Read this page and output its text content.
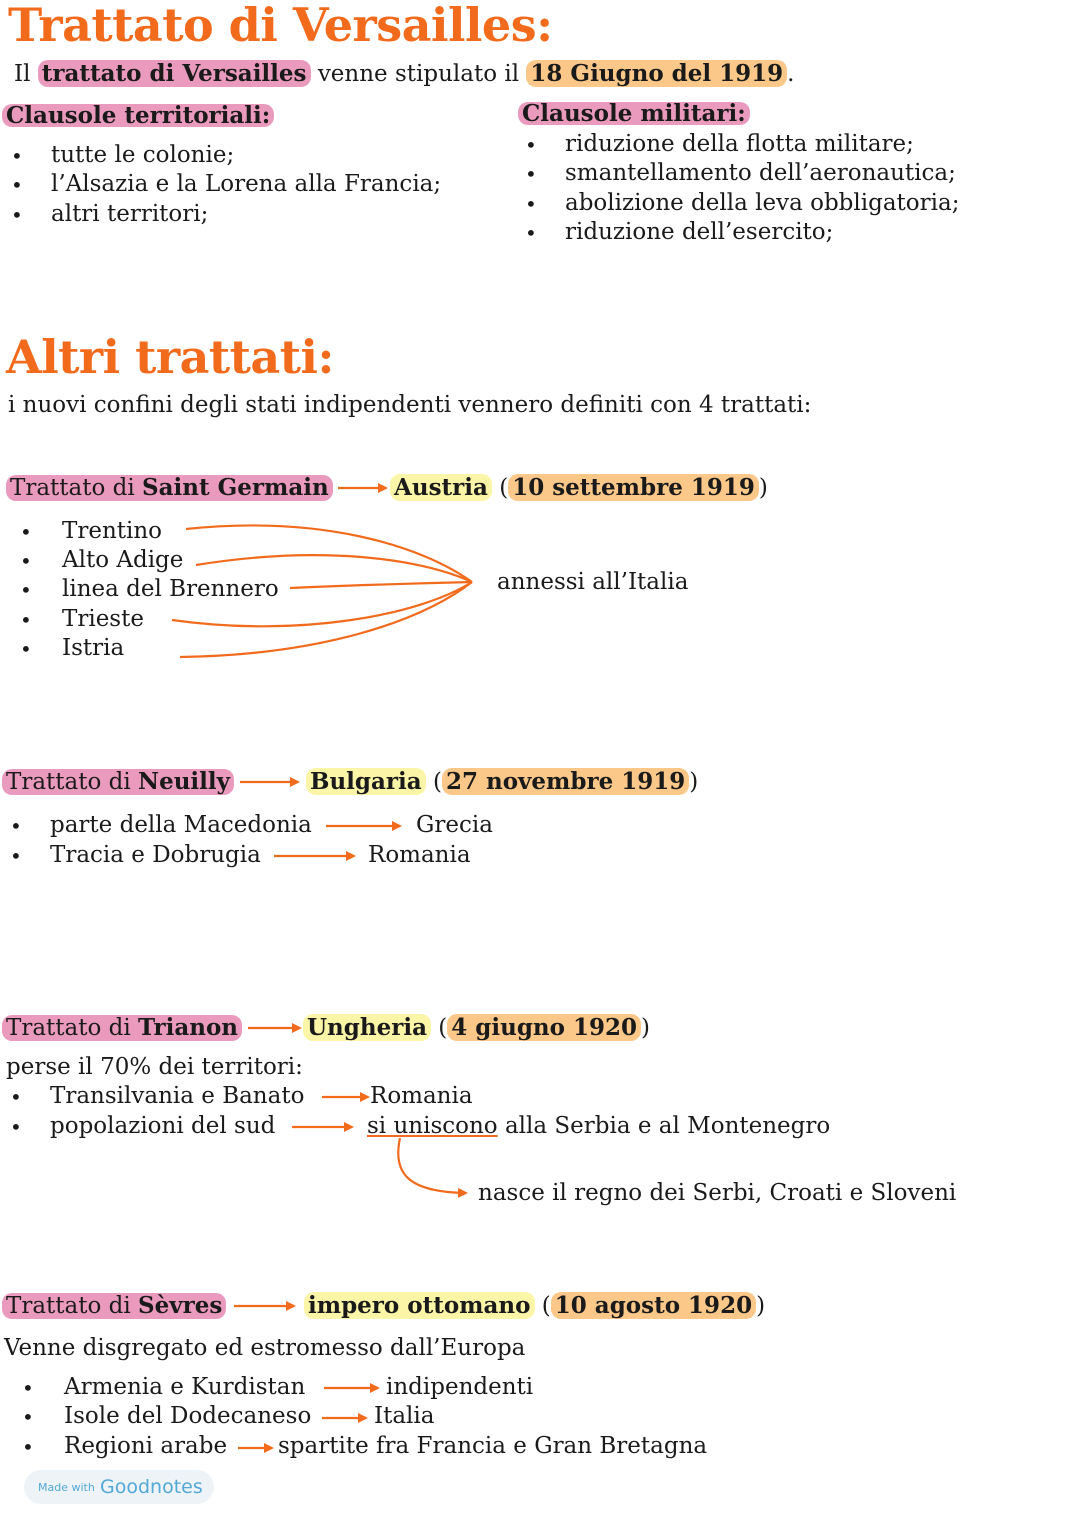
Trattato di Versailles:
Il trattato di Versailles venne stipulato il 18 Giugno del 1919 .
Clausole territoriali:
• tutte le colonie;
• l’Alsazia e la Lorena alla Francia;
• altri territori;
Clausole militari:
• riduzione della flotta militare;
• smantellamento dell’aeronautica;
• abolizione della leva obbligatoria;
• riduzione dell’esercito;
Altri trattati:
i nuovi confini degli stati indipendenti vennero definiti con 4 trattati:
Trattato di Saint Germain	Austria ( 10 settembre 1919 )
• Trentino
• Alto Adige
• linea del Brennero
• Trieste
• Istria
annessi all’Italia
Trattato di Neuilly	Bulgaria ( 27 novembre 1919 )
• parte della Macedonia	Grecia
• Tracia e Dobrugia	Romania
Trattato di Trianon	Ungheria ( 4 giugno 1920 )
perse il 70% dei territori:
• Transilvania e Banato	Romania
• popolazioni del sud	si uniscono alla Serbia e al Montenegro
nasce il regno dei Serbi, Croati e Sloveni
Trattato di Sèvres	impero ottomano ( 10 agosto 1920 )
Venne disgregato ed estromesso dall’Europa
• Armenia e Kurdistan	indipendenti
• Isole del Dodecaneso	Italia
• Regioni arabe spartite fra Francia e Gran Bretagna
Made with Goodnotes
